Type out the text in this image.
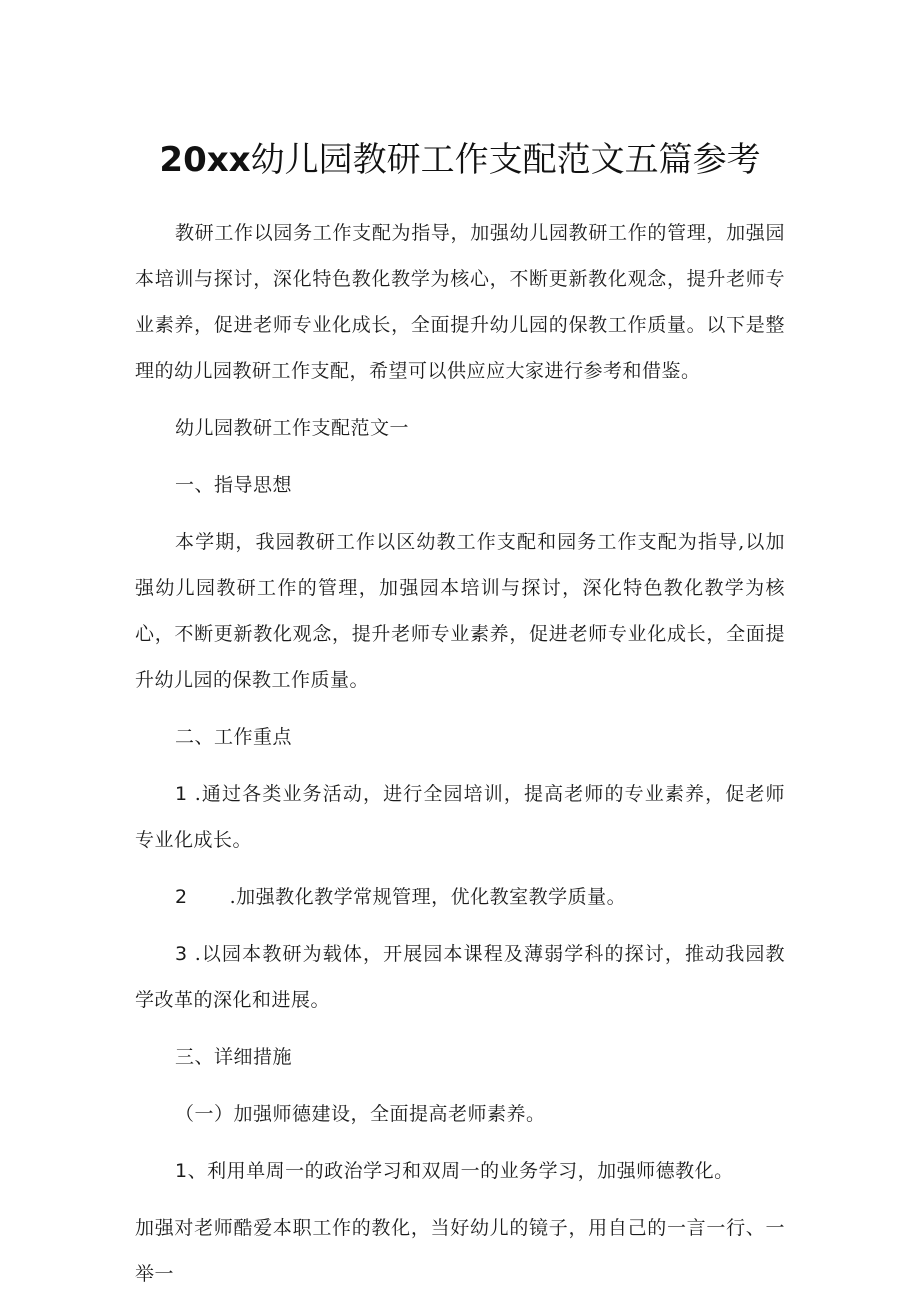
20xx幼儿园教研工作支配范文五篇参考

教研工作以园务工作支配为指导，加强幼儿园教研工作的管理，加强园本培训与探讨，深化特色教化教学为核心，不断更新教化观念，提升老师专业素养，促进老师专业化成长，全面提升幼儿园的保教工作质量。以下是整理的幼儿园教研工作支配，希望可以供应应大家进行参考和借鉴。

幼儿园教研工作支配范文一

一、指导思想

本学期，我园教研工作以区幼教工作支配和园务工作支配为指导,以加强幼儿园教研工作的管理，加强园本培训与探讨，深化特色教化教学为核心，不断更新教化观念，提升老师专业素养，促进老师专业化成长，全面提升幼儿园的保教工作质量。

二、工作重点

1 .通过各类业务活动，进行全园培训，提高老师的专业素养，促老师专业化成长。

2 .加强教化教学常规管理，优化教室教学质量。

3 .以园本教研为载体，开展园本课程及薄弱学科的探讨，推动我园教学改革的深化和进展。

三、详细措施

（一）加强师德建设，全面提高老师素养。

1、利用单周一的政治学习和双周一的业务学习，加强师德教化。

加强对老师酷爱本职工作的教化，当好幼儿的镜子，用自己的一言一行、一举一
